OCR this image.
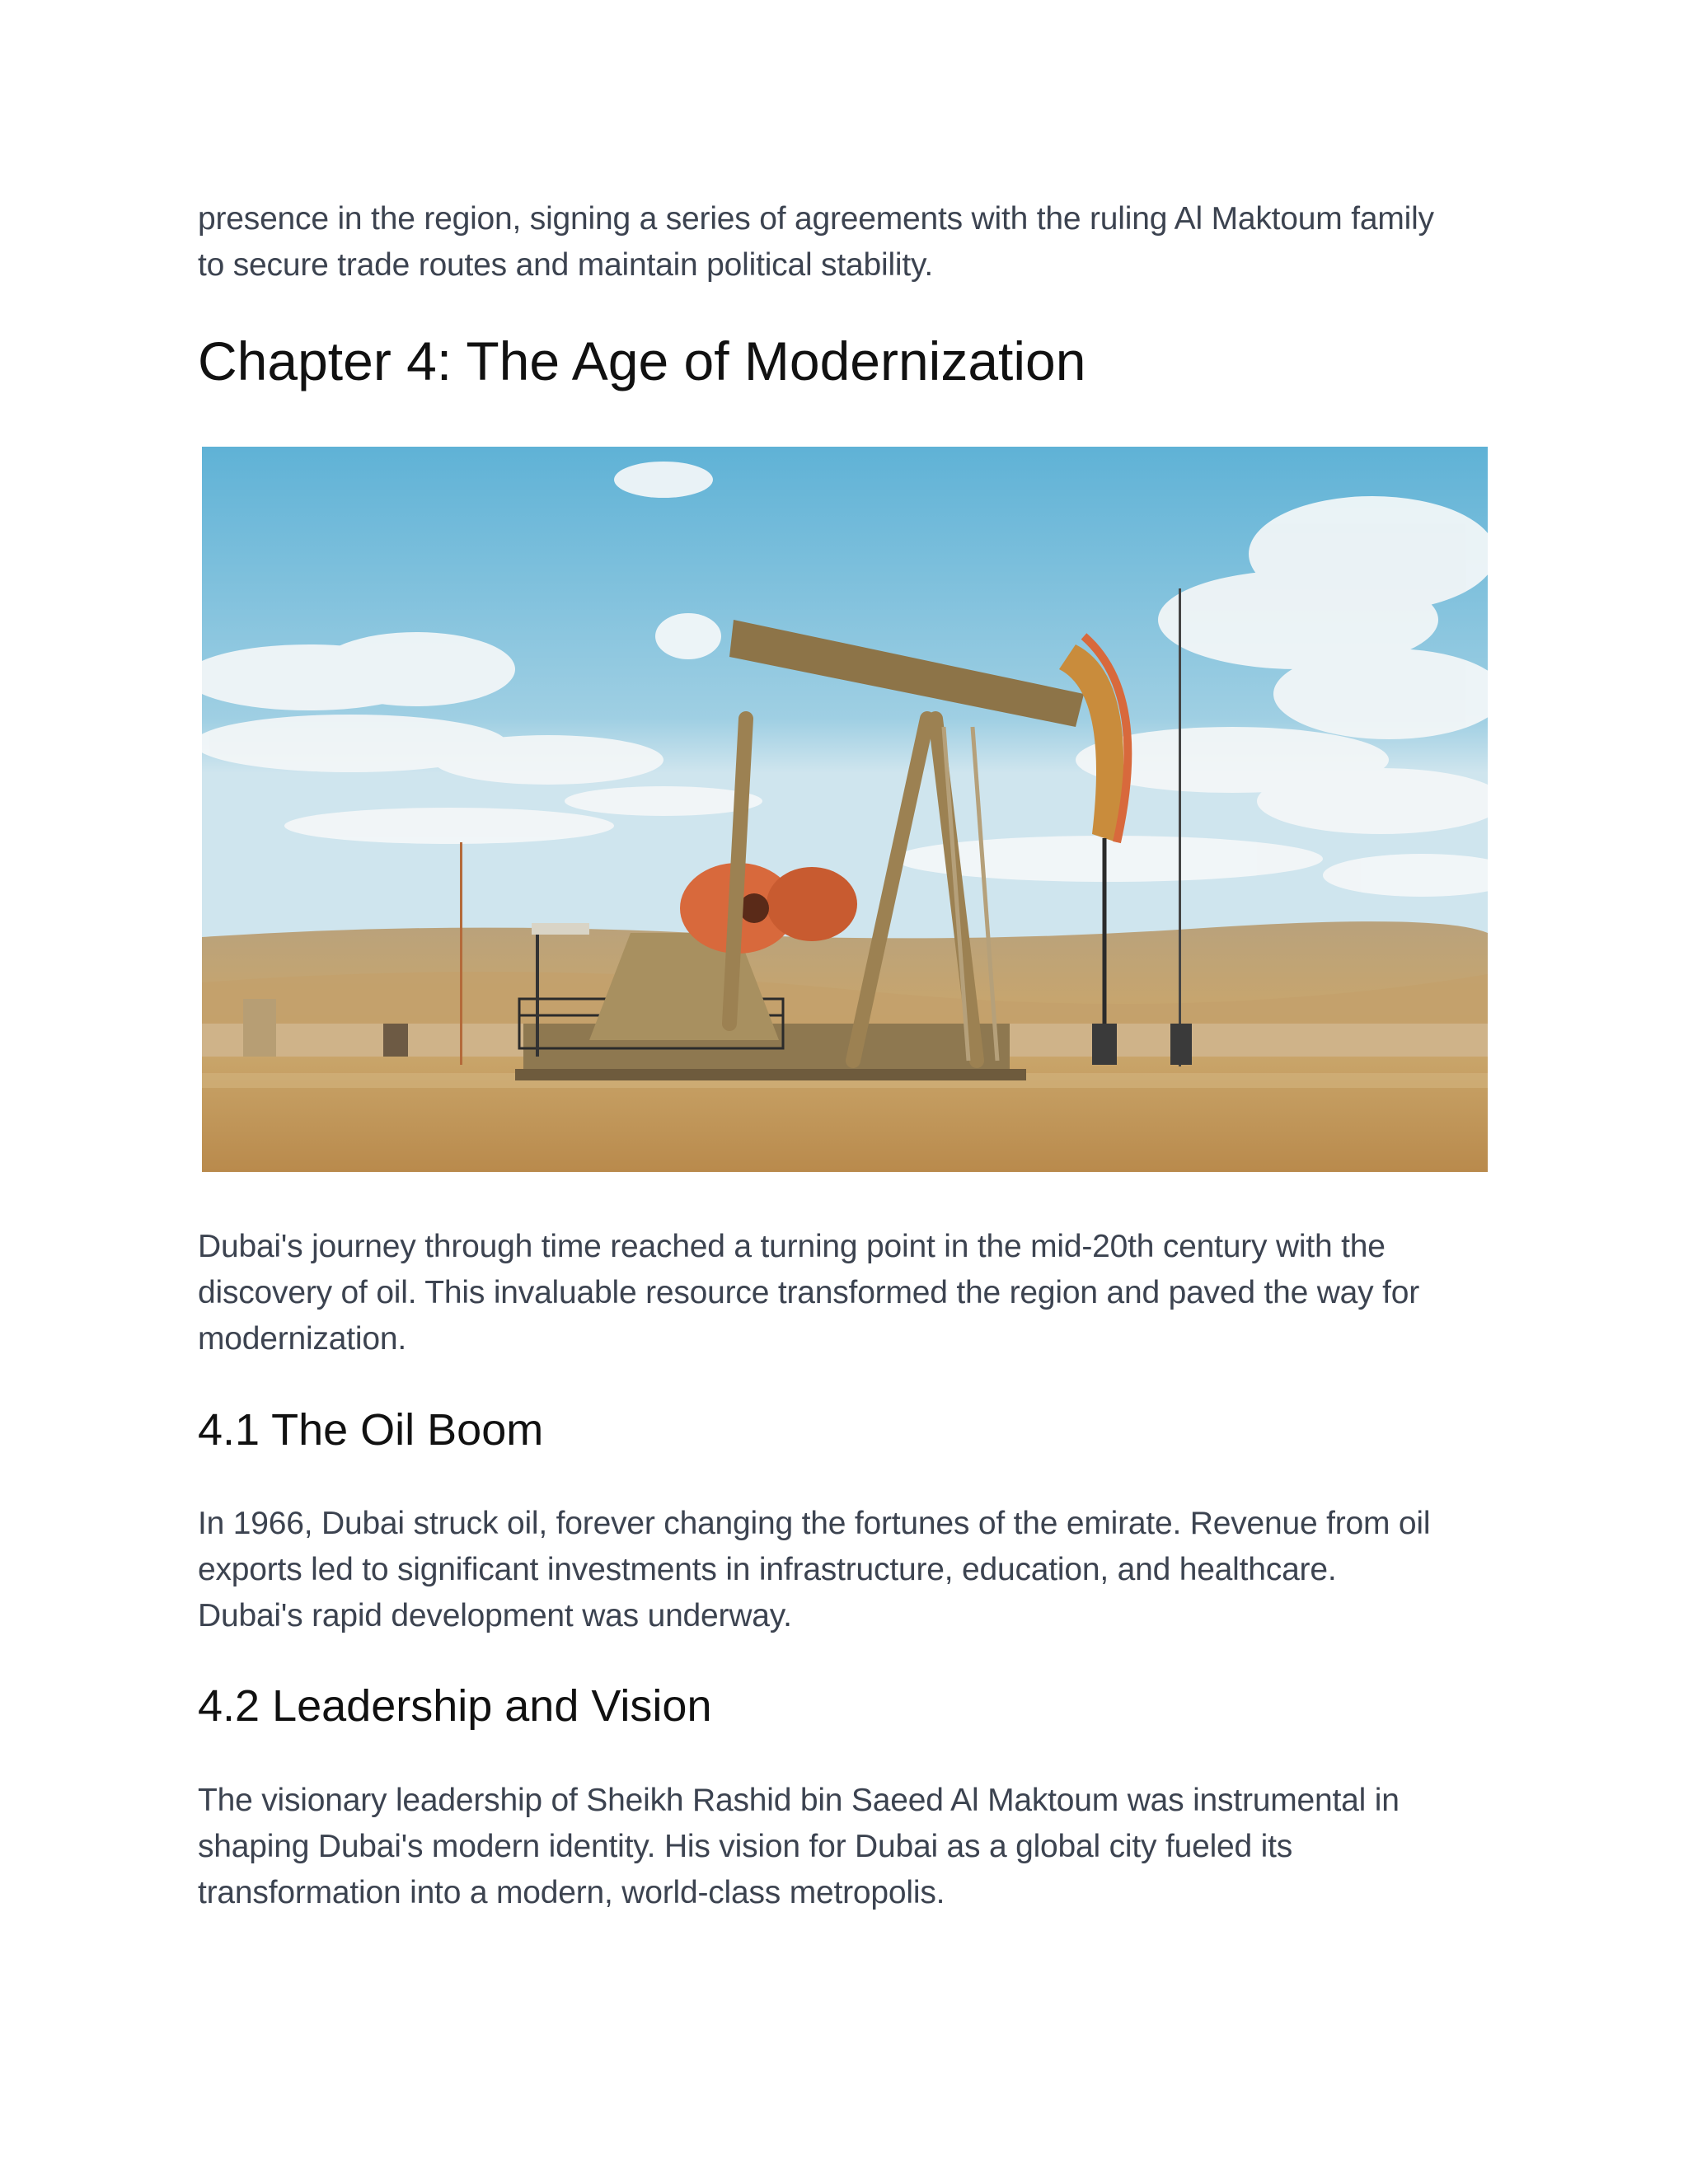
presence in the region, signing a series of agreements with the ruling Al Maktoum family
to secure trade routes and maintain political stability.

Chapter 4: The Age of Modernization

Dubai's journey through time reached a turning point in the mid-20th century with the
discovery of oil. This invaluable resource transformed the region and paved the way for
modernization.

4.1 The Oil Boom

In 1966, Dubai struck oil, forever changing the fortunes of the emirate. Revenue from oil
exports led to significant investments in infrastructure, education, and healthcare.
Dubai's rapid development was underway.

4.2 Leadership and Vision

The visionary leadership of Sheikh Rashid bin Saeed Al Maktoum was instrumental in
shaping Dubai's modern identity. His vision for Dubai as a global city fueled its
transformation into a modern, world-class metropolis.
